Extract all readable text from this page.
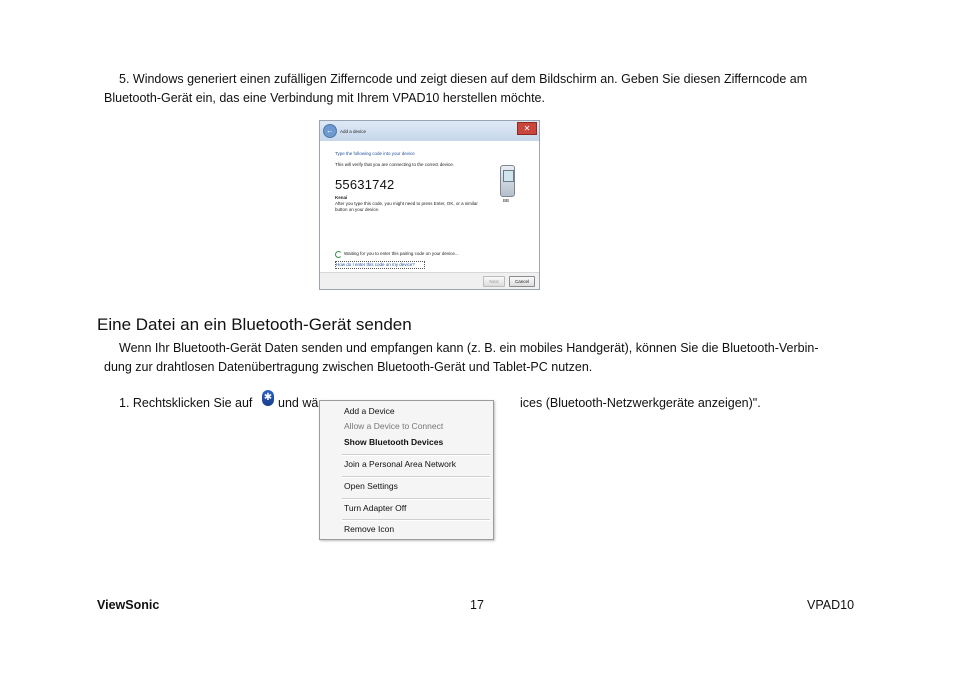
5. Windows generiert einen zufälligen Zifferncode und zeigt diesen auf dem Bildschirm an. Geben Sie diesen Zifferncode am
Bluetooth-Gerät ein, das eine Verbindung mit Ihrem VPAD10 herstellen möchte.
←	Add a device	✕
Type the following code into your device
This will verify that you are connecting to the correct device.
55631742
Kenai
After you type this code, you might need to press Enter, OK, or a similar
button on your device.
BB
Waiting for you to enter this pairing code on your device...
How do I enter this code on my device?
Next	Cancel
Eine Datei an ein Bluetooth-Gerät senden
Wenn Ihr Bluetooth-Gerät Daten senden und empfangen kann (z. B. ein mobiles Handgerät), können Sie die Bluetooth-Verbin-
dung zur drahtlosen Datenübertragung zwischen Bluetooth-Gerät und Tablet-PC nutzen.
1. Rechtsklicken Sie auf ✱ und wä	ices (Bluetooth-Netzwerkgeräte anzeigen)".
Add a Device
Allow a Device to Connect
Show Bluetooth Devices
Join a Personal Area Network
Open Settings
Turn Adapter Off
Remove Icon
ViewSonic	17	VPAD10
